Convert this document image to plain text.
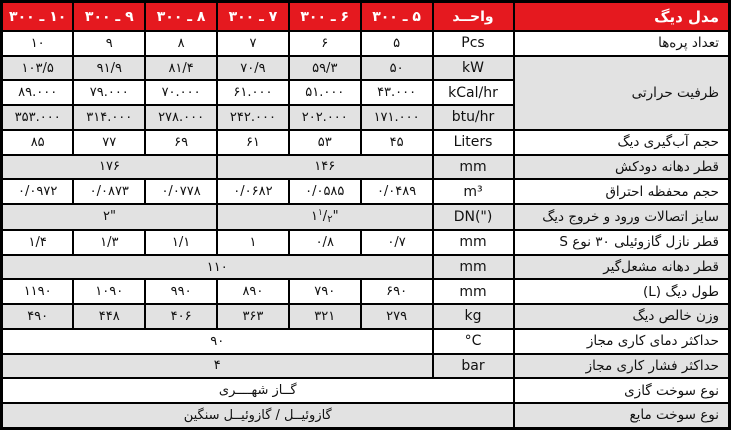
مدل دیگ	واحــد	۳۰۰ ـ ۵	۳۰۰ ـ ۶	۳۰۰ ـ ۷	۳۰۰ ـ ۸	۳۰۰ ـ ۹	۳۰۰ ـ ۱۰
تعداد پره‌ها	Pcs	۵	۶	۷	۸	۹	۱۰
ظرفیت حرارتی	kW	۵۰	۵۹/۳	۷۰/۹	۸۱/۴	۹۱/۹	۱۰۳/۵
	kCal/hr	۴۳.۰۰۰	۵۱.۰۰۰	۶۱.۰۰۰	۷۰.۰۰۰	۷۹.۰۰۰	۸۹.۰۰۰
	btu/hr	۱۷۱.۰۰۰	۲۰۲.۰۰۰	۲۴۲.۰۰۰	۲۷۸.۰۰۰	۳۱۴.۰۰۰	۳۵۳.۰۰۰
حجم آب‌گیری دیگ	Liters	۴۵	۵۳	۶۱	۶۹	۷۷	۸۵
قطر دهانه دودکش	mm	۱۴۶			۱۷۶		
حجم محفظه احتراق	m³	۰/۰۴۸۹	۰/۰۵۸۵	۰/۰۶۸۲	۰/۰۷۷۸	۰/۰۸۷۳	۰/۰۹۷۲
سایز اتصالات ورود و خروج دیگ	DN(")	$۱^۱/_۲$"			۲"		
قطر نازل گازوئیلی ۳۰ نوع S	mm	۰/۷	۰/۸	۱	۱/۱	۱/۳	۱/۴
قطر دهانه مشعل‌گیر	mm	۱۱۰					
طول دیگ (L)	mm	۶۹۰	۷۹۰	۸۹۰	۹۹۰	۱۰۹۰	۱۱۹۰
وزن خالص دیگ	kg	۲۷۹	۳۲۱	۳۶۳	۴۰۶	۴۴۸	۴۹۰
حداکثر دمای کاری مجاز	°C	۹۰					
حداکثر فشار کاری مجاز	bar	۴					
نوع سوخت گازی	گــاز شهــــری						
نوع سوخت مایع	گازوئیــل / گازوئیــل سنگین						
